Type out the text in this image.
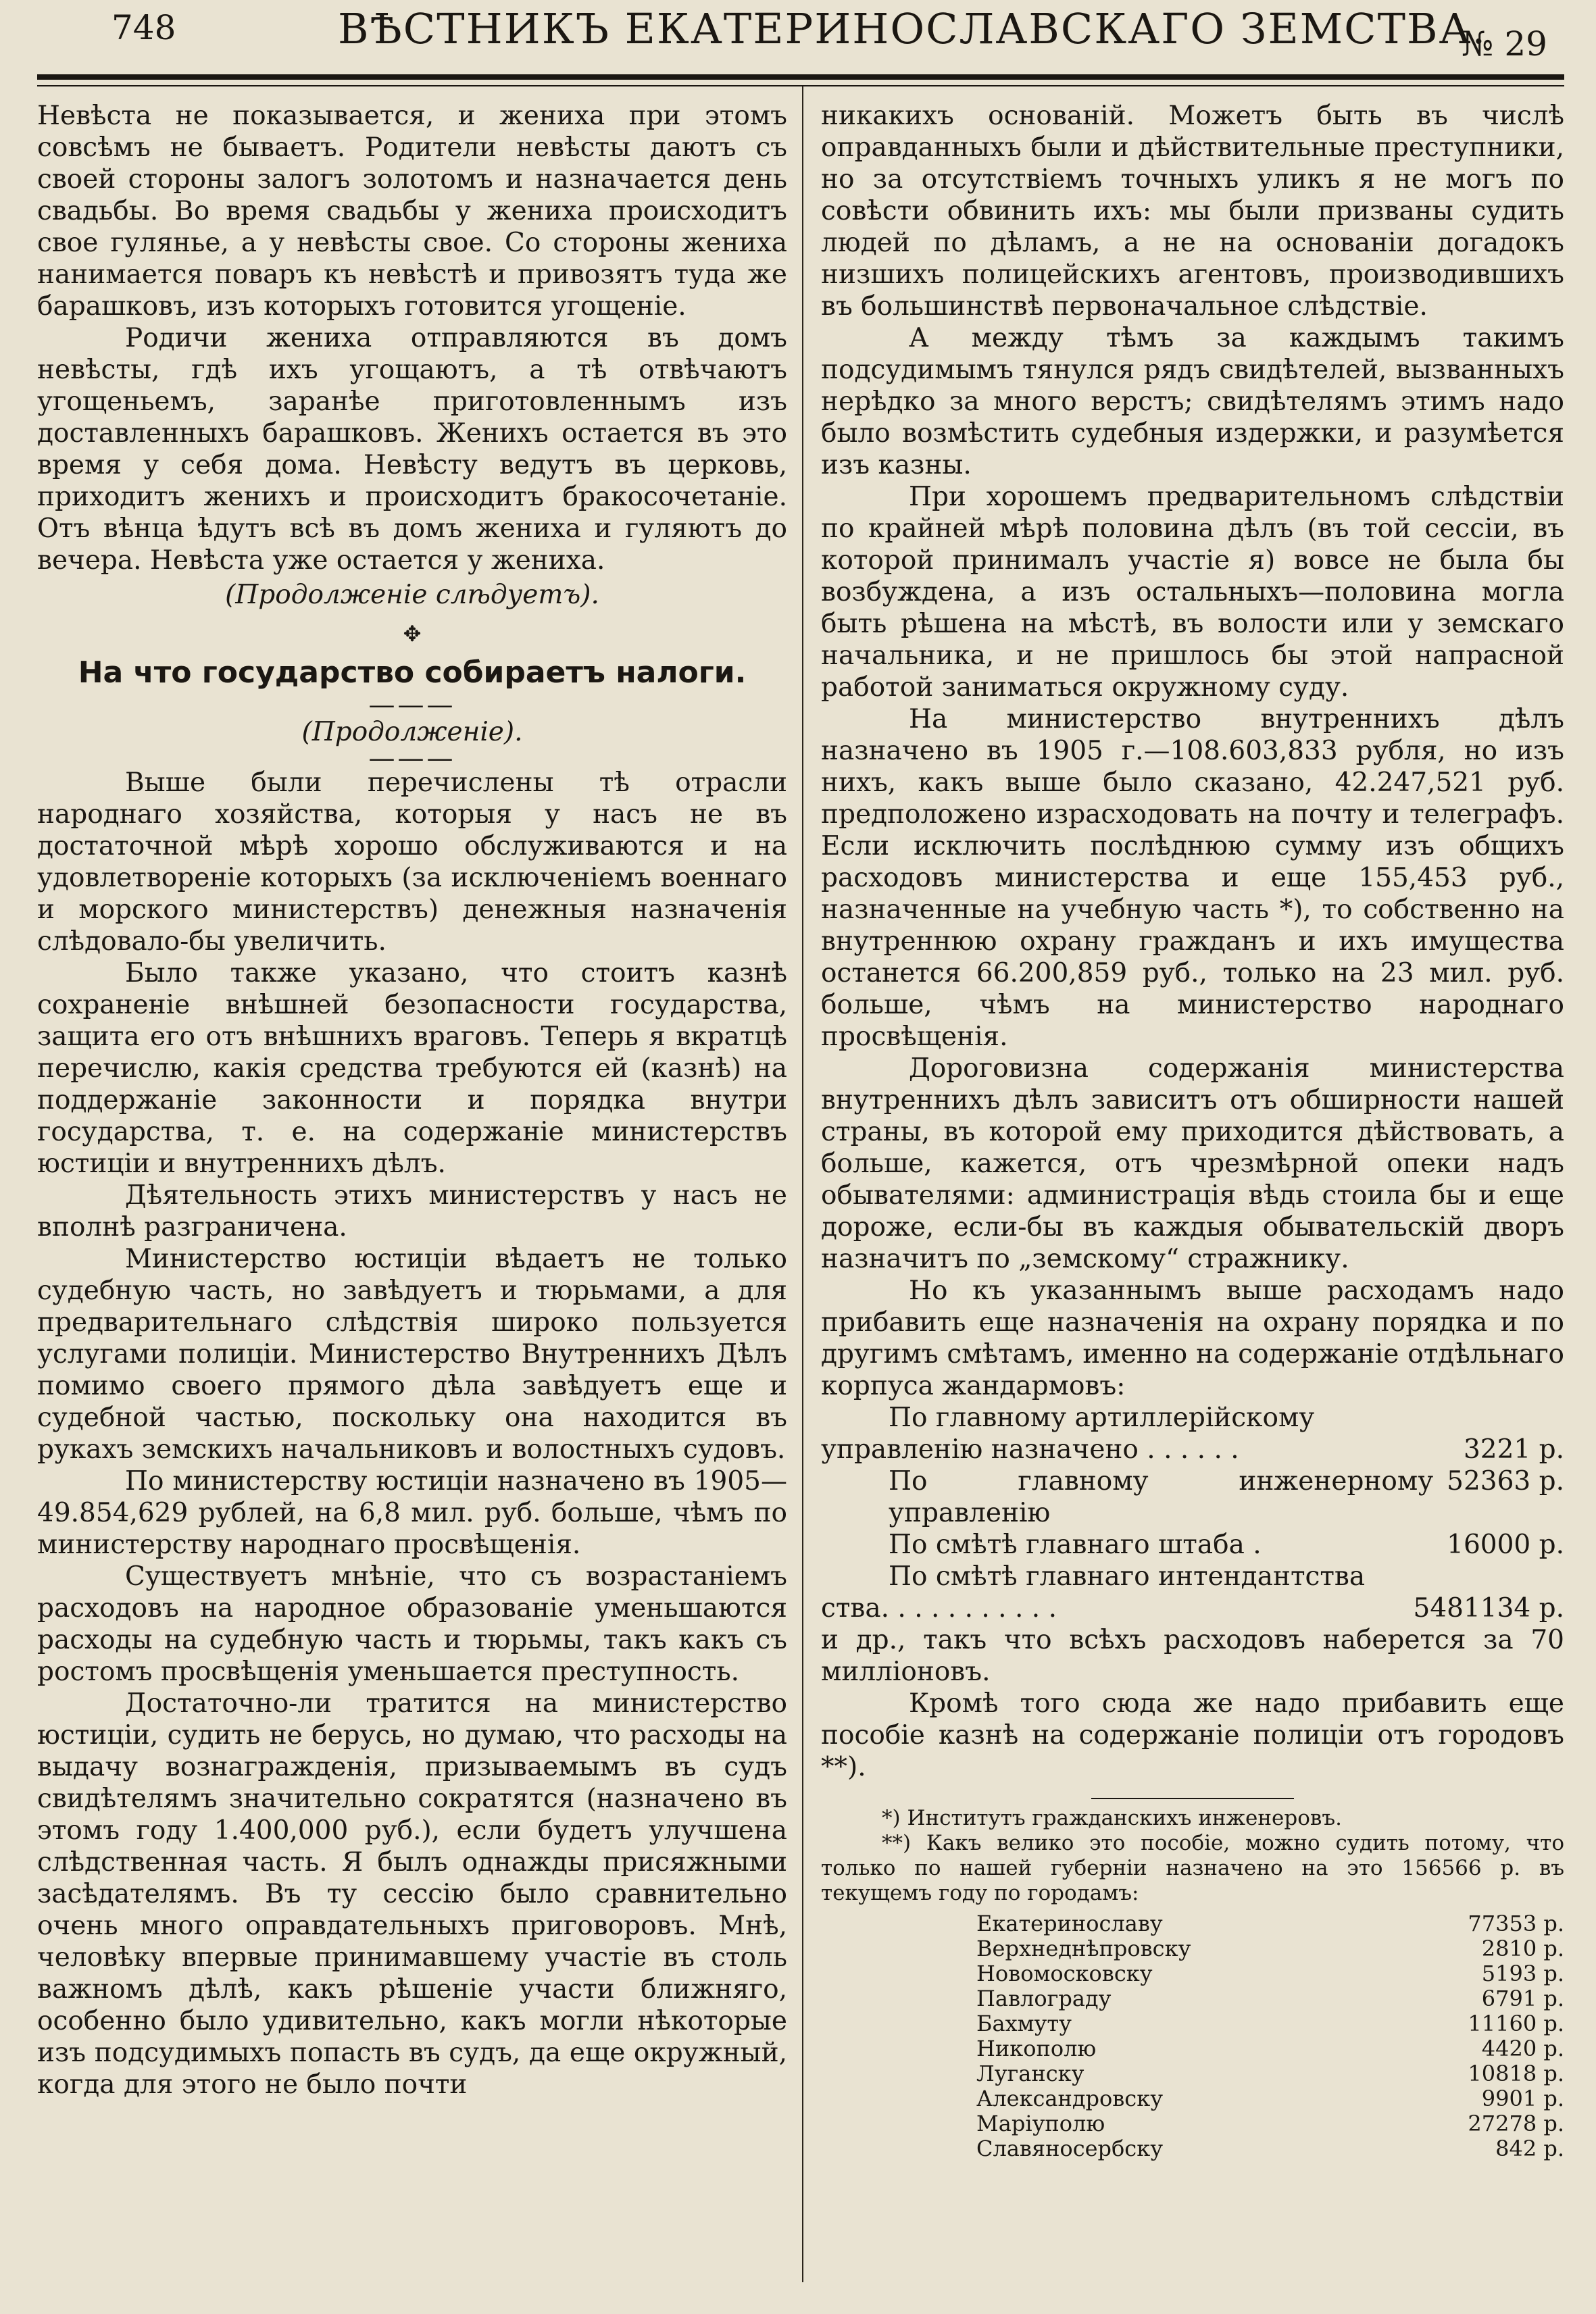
748	ВѢСТНИКЪ ЕКАТЕРИНОСЛАВСКАГО ЗЕМСТВА.
№ 29

Невѣста не показывается, и жениха при этомъ совсѣмъ не бываетъ. Родители невѣсты даютъ съ своей стороны залогъ золотомъ и назначается день свадьбы. Во время свадьбы у жениха происходитъ свое гулянье, а у невѣсты свое. Со стороны жениха нанимается поваръ къ невѣстѣ и привозятъ туда же барашковъ, изъ которыхъ готовится угощеніе.

Родичи жениха отправляются въ домъ невѣсты, гдѣ ихъ угощаютъ, а тѣ отвѣчаютъ угощеньемъ, заранѣе приготовленнымъ изъ доставленныхъ барашковъ. Женихъ остается въ это время у себя дома. Невѣсту ведутъ въ церковь, приходитъ женихъ и происходитъ бракосочетаніе. Отъ вѣнца ѣдутъ всѣ въ домъ жениха и гуляютъ до вечера. Невѣста уже остается у жениха.

(Продолженіе слѣдуетъ).

✥
На что государство собираетъ налоги.
———
(Продолженіе).
———

Выше были перечислены тѣ отрасли народнаго хозяйства, которыя у насъ не въ достаточной мѣрѣ хорошо обслуживаются и на удовлетвореніе которыхъ (за исключеніемъ военнаго и морского министерствъ) денежныя назначенія слѣдовало-бы увеличить.

Было также указано, что стоитъ казнѣ сохраненіе внѣшней безопасности государства, защита его отъ внѣшнихъ враговъ. Теперь я вкратцѣ перечислю, какія средства требуются ей (казнѣ) на поддержаніе законности и порядка внутри государства, т. е. на содержаніе министерствъ юстиціи и внутреннихъ дѣлъ.

Дѣятельность этихъ министерствъ у насъ не вполнѣ разграничена.

Министерство юстиціи вѣдаетъ не только судебную часть, но завѣдуетъ и тюрьмами, а для предварительнаго слѣдствія широко пользуется услугами полиціи. Министерство Внутреннихъ Дѣлъ помимо своего прямого дѣла завѣдуетъ еще и судебной частью, поскольку она находится въ рукахъ земскихъ начальниковъ и волостныхъ судовъ.

По министерству юстиціи назначено въ 1905—49.854,629 рублей, на 6,8 мил. руб. больше, чѣмъ по министерству народнаго просвѣщенія.

Существуетъ мнѣніе, что съ возрастаніемъ расходовъ на народное образованіе уменьшаются расходы на судебную часть и тюрьмы, такъ какъ съ ростомъ просвѣщенія уменьшается преступность.

Достаточно-ли тратится на министерство юстиціи, судить не берусь, но думаю, что расходы на выдачу вознагражденія, призываемымъ въ судъ свидѣтелямъ значительно сократятся (назначено въ этомъ году 1.400,000 руб.), если будетъ улучшена слѣдственная часть. Я былъ однажды присяжными засѣдателямъ. Въ ту сессію было сравнительно очень много оправдательныхъ приговоровъ. Мнѣ, человѣку впервые принимавшему участіе въ столь важномъ дѣлѣ, какъ рѣшеніе участи ближняго, особенно было удивительно, какъ могли нѣкоторые изъ подсудимыхъ попасть въ судъ, да еще окружный, когда для этого не было почти

никакихъ основаній. Можетъ быть въ числѣ оправданныхъ были и дѣйствительные преступники, но за отсутствіемъ точныхъ уликъ я не могъ по совѣсти обвинить ихъ: мы были призваны судить людей по дѣламъ, а не на основаніи догадокъ низшихъ полицейскихъ агентовъ, производившихъ въ большинствѣ первоначальное слѣдствіе.

А между тѣмъ за каждымъ такимъ подсудимымъ тянулся рядъ свидѣтелей, вызванныхъ нерѣдко за много верстъ; свидѣтелямъ этимъ надо было возмѣстить судебныя издержки, и разумѣется изъ казны.

При хорошемъ предварительномъ слѣдствіи по крайней мѣрѣ половина дѣлъ (въ той сессіи, въ которой принималъ участіе я) вовсе не была бы возбуждена, а изъ остальныхъ—половина могла быть рѣшена на мѣстѣ, въ волости или у земскаго начальника, и не пришлось бы этой напрасной работой заниматься окружному суду.

На министерство внутреннихъ дѣлъ назначено въ 1905 г.—108.603,833 рубля, но изъ нихъ, какъ выше было сказано, 42.247,521 руб. предположено израсходовать на почту и телеграфъ. Если исключить послѣднюю сумму изъ общихъ расходовъ министерства и еще 155,453 руб., назначенные на учебную часть *), то собственно на внутреннюю охрану гражданъ и ихъ имущества останется 66.200,859 руб., только на 23 мил. руб. больше, чѣмъ на министерство народнаго просвѣщенія.

Дороговизна содержанія министерства внутреннихъ дѣлъ зависитъ отъ обширности нашей страны, въ которой ему приходится дѣйствовать, а больше, кажется, отъ чрезмѣрной опеки надъ обывателями: администрація вѣдь стоила бы и еще дороже, если-бы въ каждыя обывательскій дворъ назначитъ по „земскому“ стражнику.

Но къ указаннымъ выше расходамъ надо прибавить еще назначенія на охрану порядка и по другимъ смѣтамъ, именно на содержаніе отдѣльнаго корпуса жандармовъ:

По главному артиллерійскому
управленію назначено . . . . . .	3221 р.
По главному инженерному управленію
52363 р.
По смѣтѣ главнаго штаба .	16000 р.
По смѣтѣ главнаго интендантства
ства. . . . . . . . . . .	5481134 р.

и др., такъ что всѣхъ расходовъ наберется за 70 милліоновъ.

Кромѣ того сюда же надо прибавить еще пособіе казнѣ на содержаніе полиціи отъ городовъ **).

*) Институтъ гражданскихъ инженеровъ.

**) Какъ велико это пособіе, можно судить потому, что только по нашей губерніи назначено на это 156566 р. въ текущемъ году по городамъ:

Екатеринославу	77353 р.
Верхнеднѣпровску	2810 р.
Новомосковску	5193 р.
Павлограду	6791 р.
Бахмуту	11160 р.
Никополю	4420 р.
Луганску	10818 р.
Александровску	9901 р.
Маріуполю	27278 р.
Славяносербску	842 р.
